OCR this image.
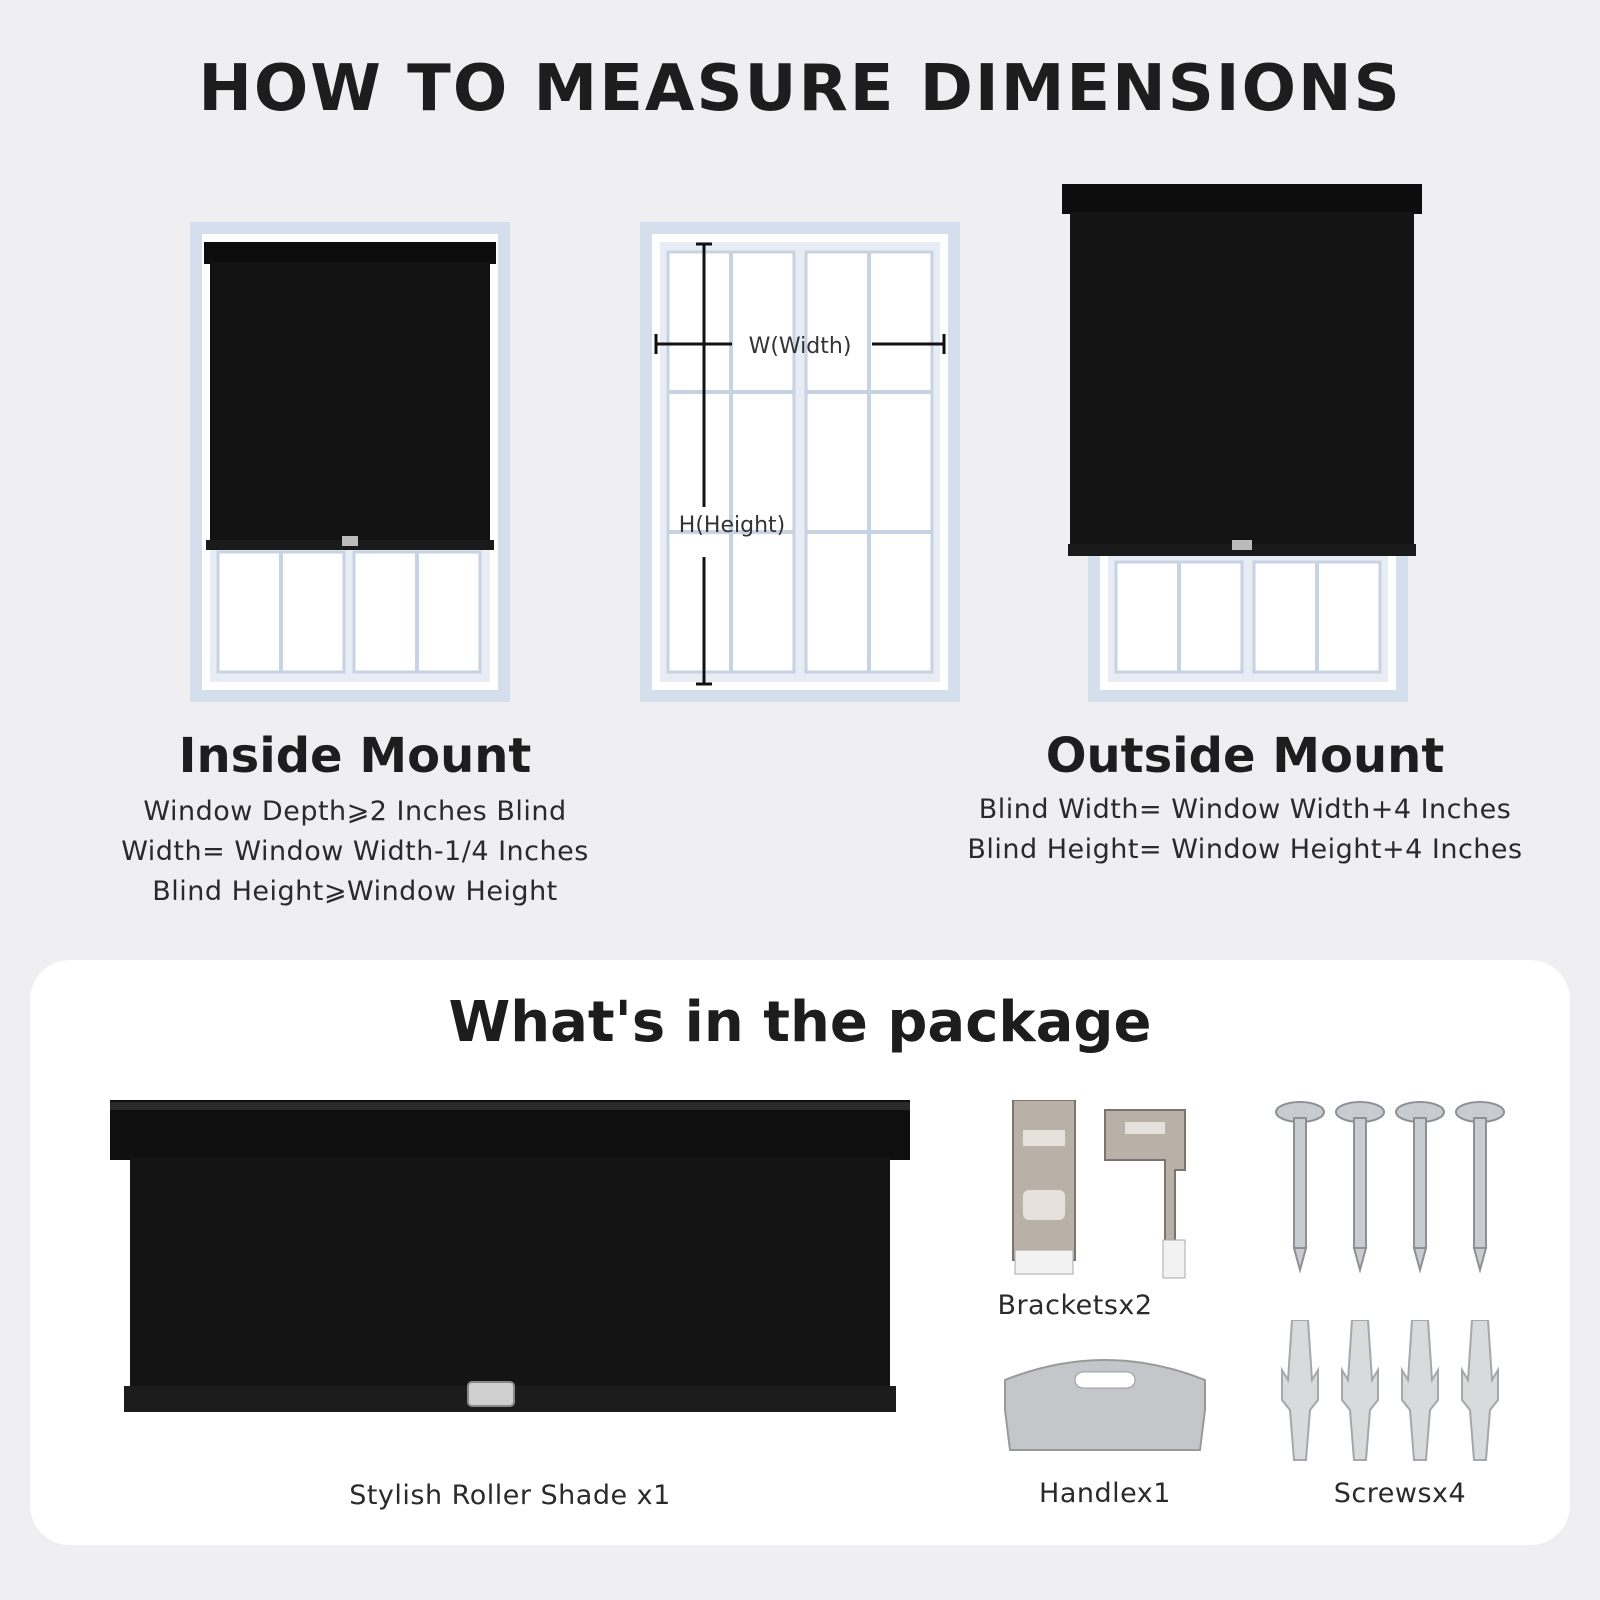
HOW TO MEASURE DIMENSIONS
W(Width)
H(Height)
Inside Mount
Window Depth⩾2 Inches Blind
Width= Window Width-1/4 Inches
Blind Height⩾Window Height
Outside Mount
Blind Width= Window Width+4 Inches
Blind Height= Window Height+4 Inches
What's in the package
Stylish Roller Shade x1
Bracketsx2
Handlex1	Screwsx4
